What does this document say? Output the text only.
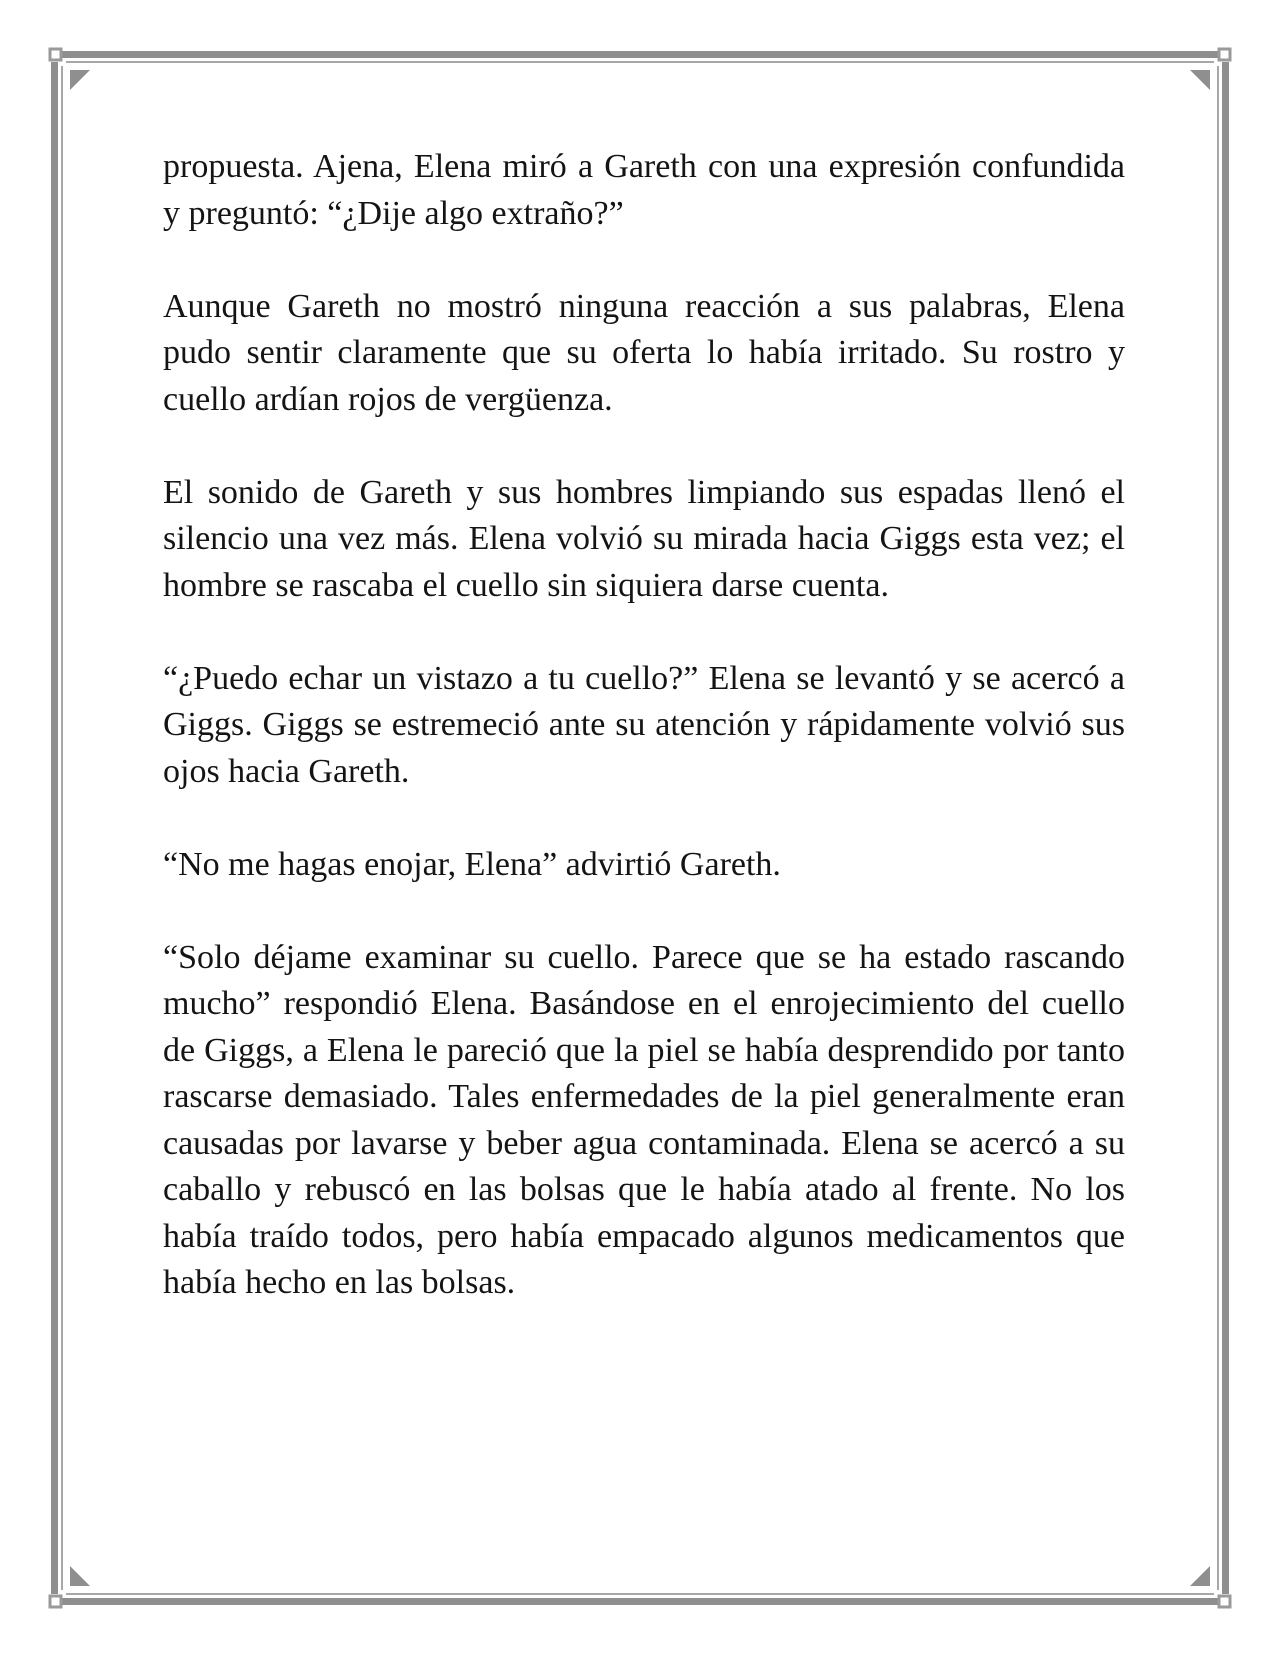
propuesta. Ajena, Elena miró a Gareth con una expresión confundida y preguntó: “¿Dije algo extraño?”

Aunque Gareth no mostró ninguna reacción a sus palabras, Elena pudo sentir claramente que su oferta lo había irritado. Su rostro y cuello ardían rojos de vergüenza.

El sonido de Gareth y sus hombres limpiando sus espadas llenó el silencio una vez más. Elena volvió su mirada hacia Giggs esta vez; el hombre se rascaba el cuello sin siquiera darse cuenta.

“¿Puedo echar un vistazo a tu cuello?” Elena se levantó y se acercó a Giggs. Giggs se estremeció ante su atención y rápidamente volvió sus ojos hacia Gareth.

“No me hagas enojar, Elena” advirtió Gareth.

“Solo déjame examinar su cuello. Parece que se ha estado rascando mucho” respondió Elena. Basándose en el enrojecimiento del cuello de Giggs, a Elena le pareció que la piel se había desprendido por tanto rascarse demasiado. Tales enfermedades de la piel generalmente eran causadas por lavarse y beber agua contaminada. Elena se acercó a su caballo y rebuscó en las bolsas que le había atado al frente. No los había traído todos, pero había empacado algunos medicamentos que había hecho en las bolsas.
